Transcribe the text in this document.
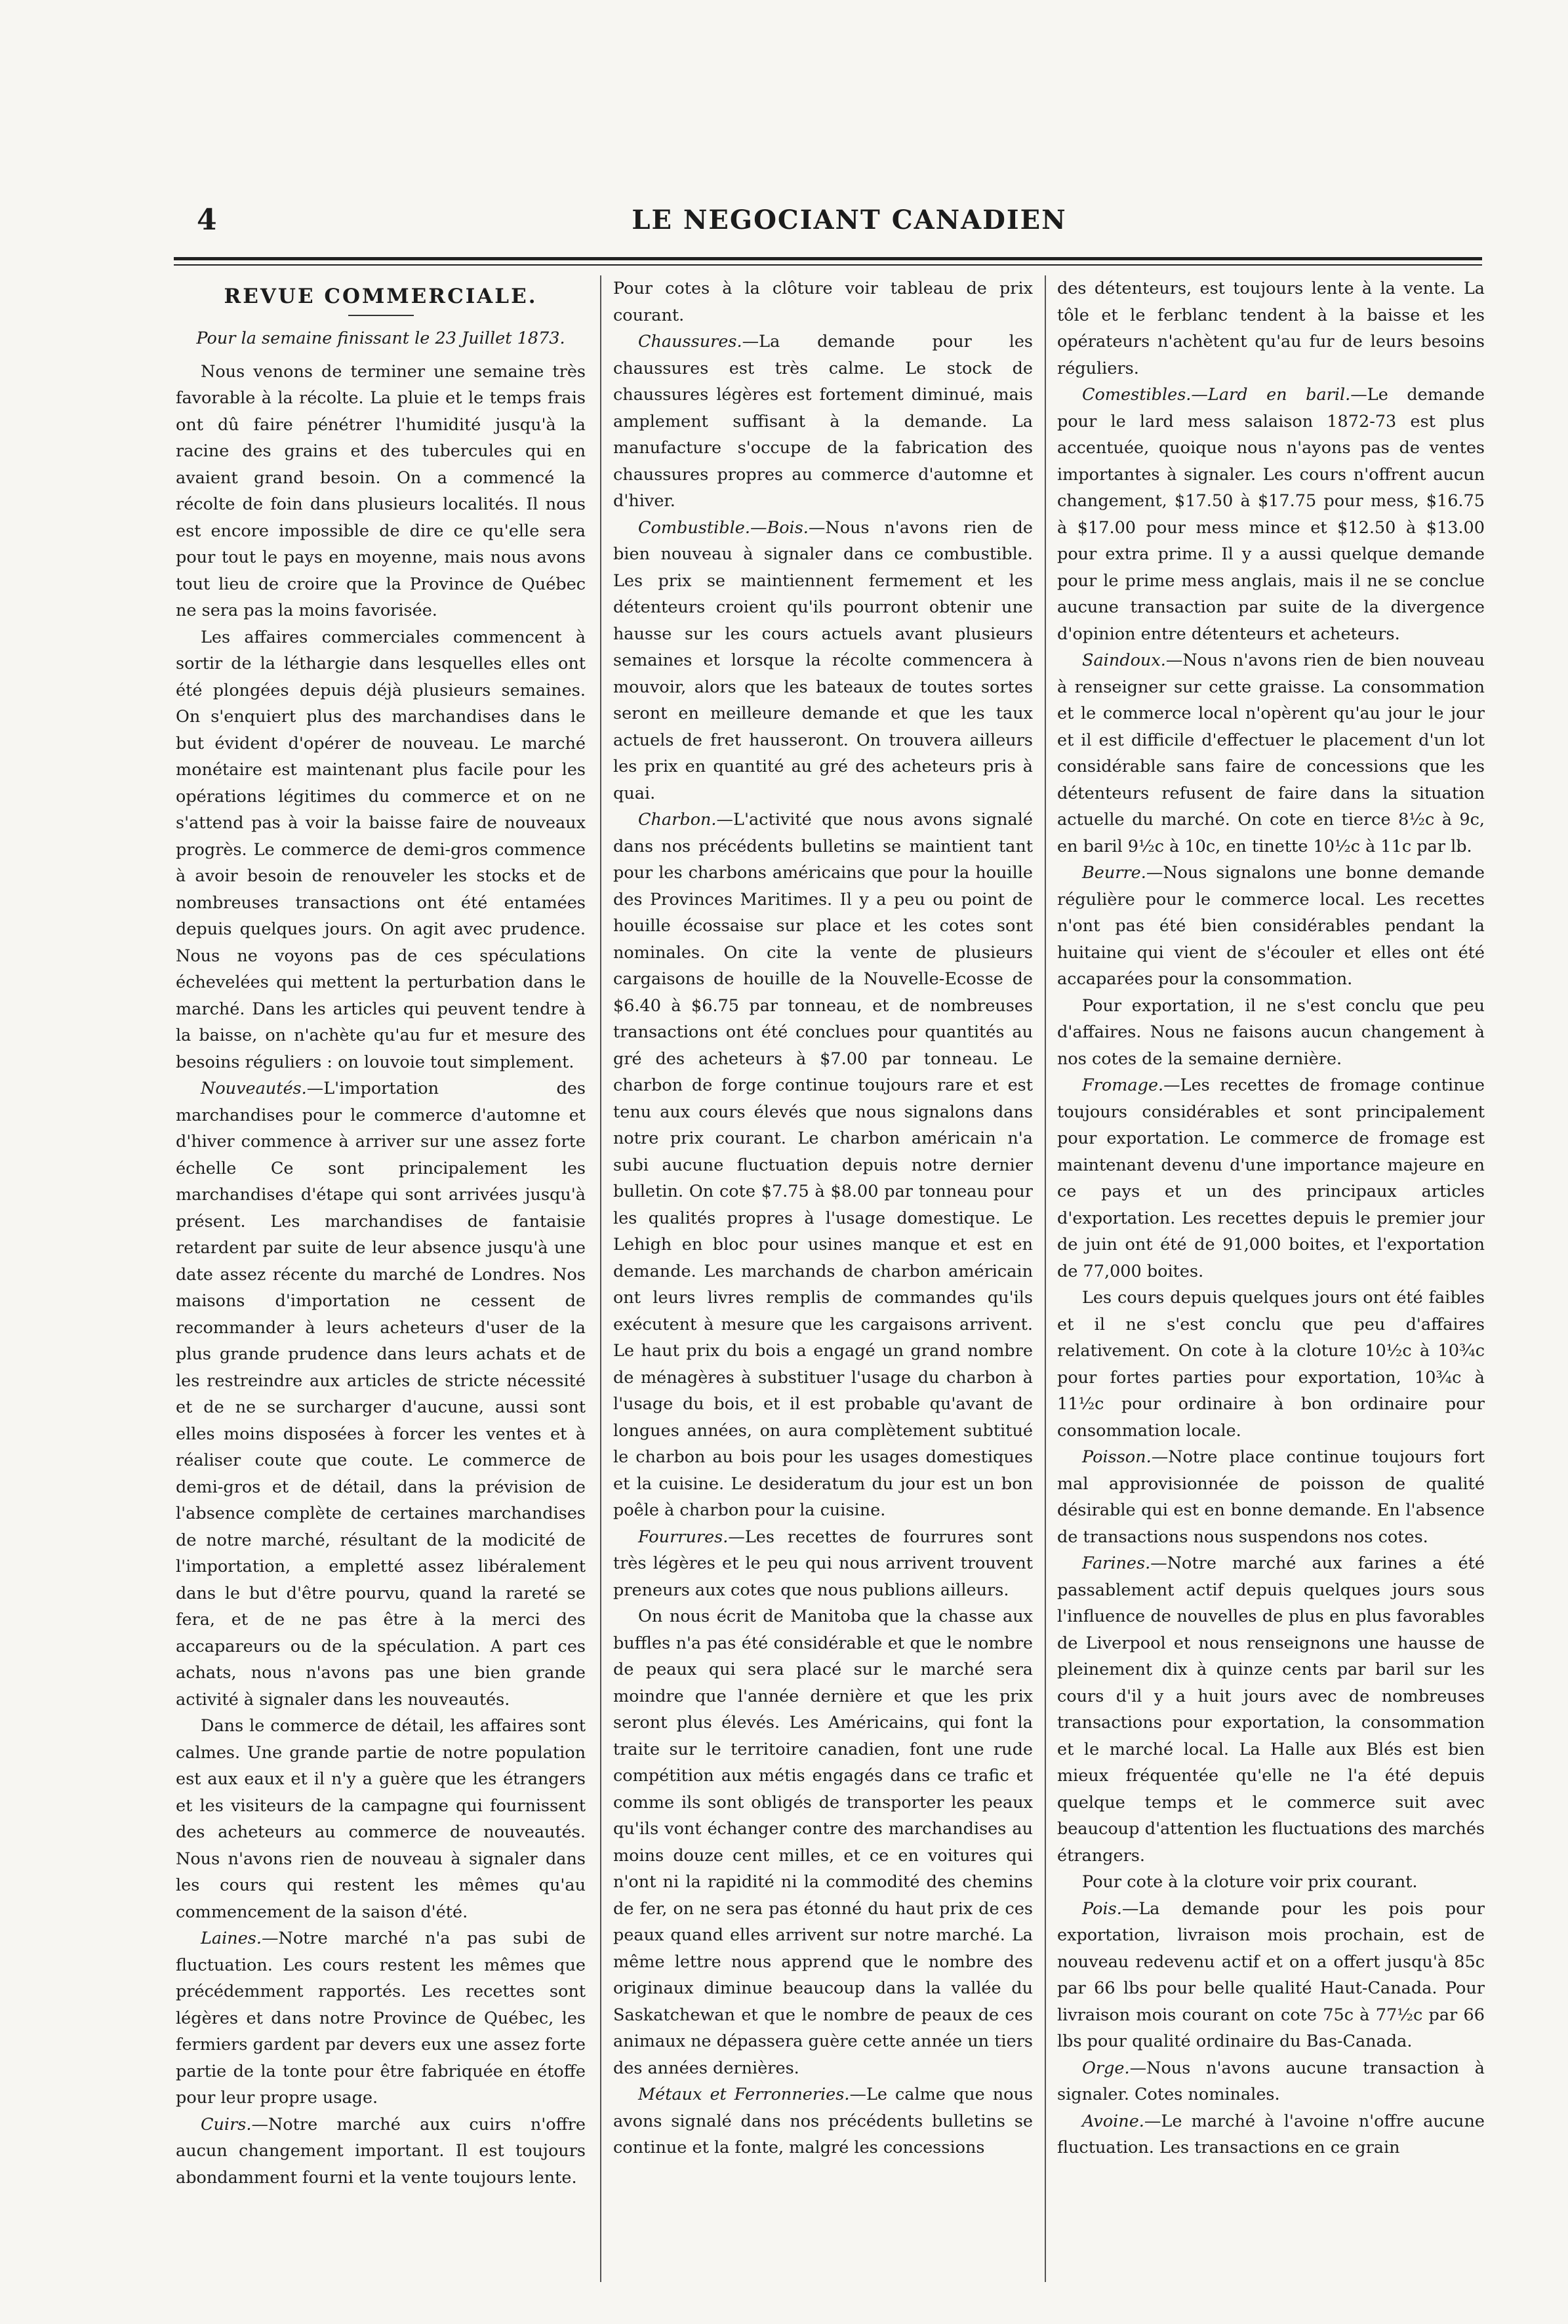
4	LE NEGOCIANT CANADIEN
REVUE COMMERCIALE.
Pour la semaine finissant le 23 Juillet 1873.

Nous venons de terminer une semaine très favorable à la récolte. La pluie et le temps frais ont dû faire pénétrer l'humidité jusqu'à la racine des grains et des tubercules qui en avaient grand besoin. On a commencé la récolte de foin dans plusieurs localités. Il nous est encore impossible de dire ce qu'elle sera pour tout le pays en moyenne, mais nous avons tout lieu de croire que la Province de Québec ne sera pas la moins favorisée.

Les affaires commerciales commencent à sortir de la léthargie dans lesquelles elles ont été plongées depuis déjà plusieurs semaines. On s'enquiert plus des marchandises dans le but évident d'opérer de nouveau. Le marché monétaire est maintenant plus facile pour les opérations légitimes du commerce et on ne s'attend pas à voir la baisse faire de nouveaux progrès. Le commerce de demi-gros commence à avoir besoin de renouveler les stocks et de nombreuses transactions ont été entamées depuis quelques jours. On agit avec prudence. Nous ne voyons pas de ces spéculations échevelées qui mettent la perturbation dans le marché. Dans les articles qui peuvent tendre à la baisse, on n'achète qu'au fur et mesure des besoins réguliers : on louvoie tout simplement.

Nouveautés.—L'importation des marchandises pour le commerce d'automne et d'hiver commence à arriver sur une assez forte échelle Ce sont principalement les marchandises d'étape qui sont arrivées jusqu'à présent. Les marchandises de fantaisie retardent par suite de leur absence jusqu'à une date assez récente du marché de Londres. Nos maisons d'importation ne cessent de recommander à leurs acheteurs d'user de la plus grande prudence dans leurs achats et de les restreindre aux articles de stricte nécessité et de ne se surcharger d'aucune, aussi sont elles moins disposées à forcer les ventes et à réaliser coute que coute. Le commerce de demi-gros et de détail, dans la prévision de l'absence complète de certaines marchandises de notre marché, résultant de la modicité de l'importation, a empletté assez libéralement dans le but d'être pourvu, quand la rareté se fera, et de ne pas être à la merci des accapareurs ou de la spéculation. A part ces achats, nous n'avons pas une bien grande activité à signaler dans les nouveautés.

Dans le commerce de détail, les affaires sont calmes. Une grande partie de notre population est aux eaux et il n'y a guère que les étrangers et les visiteurs de la campagne qui fournissent des acheteurs au commerce de nouveautés. Nous n'avons rien de nouveau à signaler dans les cours qui restent les mêmes qu'au commencement de la saison d'été.

Laines.—Notre marché n'a pas subi de fluctuation. Les cours restent les mêmes que précédemment rapportés. Les recettes sont légères et dans notre Province de Québec, les fermiers gardent par devers eux une assez forte partie de la tonte pour être fabriquée en étoffe pour leur propre usage.

Cuirs.—Notre marché aux cuirs n'offre aucun changement important. Il est toujours abondamment fourni et la vente toujours lente.

Pour cotes à la clôture voir tableau de prix courant.

Chaussures.—La demande pour les chaussures est très calme. Le stock de chaussures légères est fortement diminué, mais amplement suffisant à la demande. La manufacture s'occupe de la fabrication des chaussures propres au commerce d'automne et d'hiver.

Combustible.—Bois.—Nous n'avons rien de bien nouveau à signaler dans ce combustible. Les prix se maintiennent fermement et les détenteurs croient qu'ils pourront obtenir une hausse sur les cours actuels avant plusieurs semaines et lorsque la récolte commencera à mouvoir, alors que les bateaux de toutes sortes seront en meilleure demande et que les taux actuels de fret hausseront. On trouvera ailleurs les prix en quantité au gré des acheteurs pris à quai.

Charbon.—L'activité que nous avons signalé dans nos précédents bulletins se maintient tant pour les charbons américains que pour la houille des Provinces Maritimes. Il y a peu ou point de houille écossaise sur place et les cotes sont nominales. On cite la vente de plusieurs cargaisons de houille de la Nouvelle-Ecosse de $6.40 à $6.75 par tonneau, et de nombreuses transactions ont été conclues pour quantités au gré des acheteurs à $7.00 par tonneau. Le charbon de forge continue toujours rare et est tenu aux cours élevés que nous signalons dans notre prix courant. Le charbon américain n'a subi aucune fluctuation depuis notre dernier bulletin. On cote $7.75 à $8.00 par tonneau pour les qualités propres à l'usage domestique. Le Lehigh en bloc pour usines manque et est en demande. Les marchands de charbon américain ont leurs livres remplis de commandes qu'ils exécutent à mesure que les cargaisons arrivent. Le haut prix du bois a engagé un grand nombre de ménagères à substituer l'usage du charbon à l'usage du bois, et il est probable qu'avant de longues années, on aura complètement subtitué le charbon au bois pour les usages domestiques et la cuisine. Le desideratum du jour est un bon poêle à charbon pour la cuisine.

Fourrures.—Les recettes de fourrures sont très légères et le peu qui nous arrivent trouvent preneurs aux cotes que nous publions ailleurs.

On nous écrit de Manitoba que la chasse aux buffles n'a pas été considérable et que le nombre de peaux qui sera placé sur le marché sera moindre que l'année dernière et que les prix seront plus élevés. Les Américains, qui font la traite sur le territoire canadien, font une rude compétition aux métis engagés dans ce trafic et comme ils sont obligés de transporter les peaux qu'ils vont échanger contre des marchandises au moins douze cent milles, et ce en voitures qui n'ont ni la rapidité ni la commodité des chemins de fer, on ne sera pas étonné du haut prix de ces peaux quand elles arrivent sur notre marché. La même lettre nous apprend que le nombre des originaux diminue beaucoup dans la vallée du Saskatchewan et que le nombre de peaux de ces animaux ne dépassera guère cette année un tiers des années dernières.

Métaux et Ferronneries.—Le calme que nous avons signalé dans nos précédents bulletins se continue et la fonte, malgré les concessions

des détenteurs, est toujours lente à la vente. La tôle et le ferblanc tendent à la baisse et les opérateurs n'achètent qu'au fur de leurs besoins réguliers.

Comestibles.—Lard en baril.—Le demande pour le lard mess salaison 1872-73 est plus accentuée, quoique nous n'ayons pas de ventes importantes à signaler. Les cours n'offrent aucun changement, $17.50 à $17.75 pour mess, $16.75 à $17.00 pour mess mince et $12.50 à $13.00 pour extra prime. Il y a aussi quelque demande pour le prime mess anglais, mais il ne se conclue aucune transaction par suite de la divergence d'opinion entre détenteurs et acheteurs.

Saindoux.—Nous n'avons rien de bien nouveau à renseigner sur cette graisse. La consommation et le commerce local n'opèrent qu'au jour le jour et il est difficile d'effectuer le placement d'un lot considérable sans faire de concessions que les détenteurs refusent de faire dans la situation actuelle du marché. On cote en tierce 8½c à 9c, en baril 9½c à 10c, en tinette 10½c à 11c par lb.

Beurre.—Nous signalons une bonne demande régulière pour le commerce local. Les recettes n'ont pas été bien considérables pendant la huitaine qui vient de s'écouler et elles ont été accaparées pour la consommation.

Pour exportation, il ne s'est conclu que peu d'affaires. Nous ne faisons aucun changement à nos cotes de la semaine dernière.

Fromage.—Les recettes de fromage continue toujours considérables et sont principalement pour exportation. Le commerce de fromage est maintenant devenu d'une importance majeure en ce pays et un des principaux articles d'exportation. Les recettes depuis le premier jour de juin ont été de 91,000 boites, et l'exportation de 77,000 boites.

Les cours depuis quelques jours ont été faibles et il ne s'est conclu que peu d'affaires relativement. On cote à la cloture 10½c à 10¾c pour fortes parties pour exportation, 10¾c à 11½c pour ordinaire à bon ordinaire pour consommation locale.

Poisson.—Notre place continue toujours fort mal approvisionnée de poisson de qualité désirable qui est en bonne demande. En l'absence de transactions nous suspendons nos cotes.

Farines.—Notre marché aux farines a été passablement actif depuis quelques jours sous l'influence de nouvelles de plus en plus favorables de Liverpool et nous renseignons une hausse de pleinement dix à quinze cents par baril sur les cours d'il y a huit jours avec de nombreuses transactions pour exportation, la consommation et le marché local. La Halle aux Blés est bien mieux fréquentée qu'elle ne l'a été depuis quelque temps et le commerce suit avec beaucoup d'attention les fluctuations des marchés étrangers.

Pour cote à la cloture voir prix courant.

Pois.—La demande pour les pois pour exportation, livraison mois prochain, est de nouveau redevenu actif et on a offert jusqu'à 85c par 66 lbs pour belle qualité Haut-Canada. Pour livraison mois courant on cote 75c à 77½c par 66 lbs pour qualité ordinaire du Bas-Canada.

Orge.—Nous n'avons aucune transaction à signaler. Cotes nominales.

Avoine.—Le marché à l'avoine n'offre aucune fluctuation. Les transactions en ce grain
